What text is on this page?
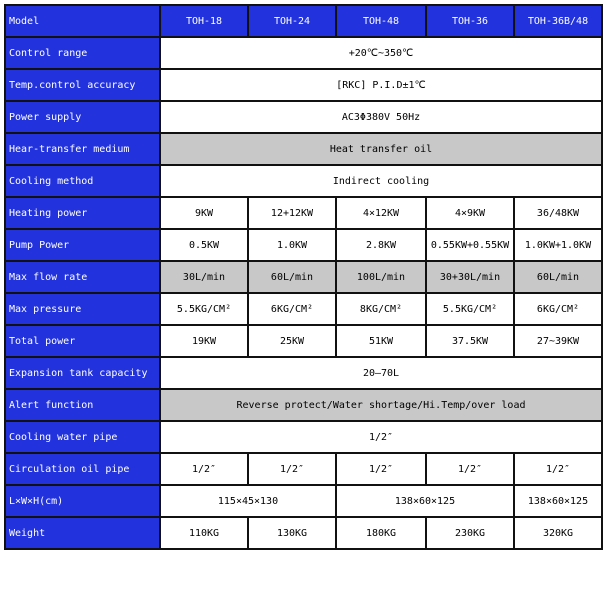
Model	TOH-18	TOH-24	TOH-48	TOH-36	TOH-36B/48
Control range	+20℃~350℃				
Temp.control accuracy	[RKC] P.I.D±1℃				
Power supply	AC3Φ380V 50Hz				
Hear-transfer medium	Heat transfer oil				
Cooling method	Indirect cooling				
Heating power	9KW	12+12KW	4×12KW	4×9KW	36/48KW
Pump Power	0.5KW	1.0KW	2.8KW	0.55KW+0.55KW	1.0KW+1.0KW
Max flow rate	30L/min	60L/min	100L/min	30+30L/min	60L/min
Max pressure	5.5KG/CM²	6KG/CM²	8KG/CM²	5.5KG/CM²	6KG/CM²
Total power	19KW	25KW	51KW	37.5KW	27~39KW
Expansion tank capacity	20—70L				
Alert function	Reverse protect/Water shortage/Hi.Temp/over load				
Cooling water pipe	1/2″				
Circulation oil pipe	1/2″	1/2″	1/2″	1/2″	1/2″
L×W×H(cm)	115×45×130		138×60×125		138×60×125
Weight	110KG	130KG	180KG	230KG	320KG
